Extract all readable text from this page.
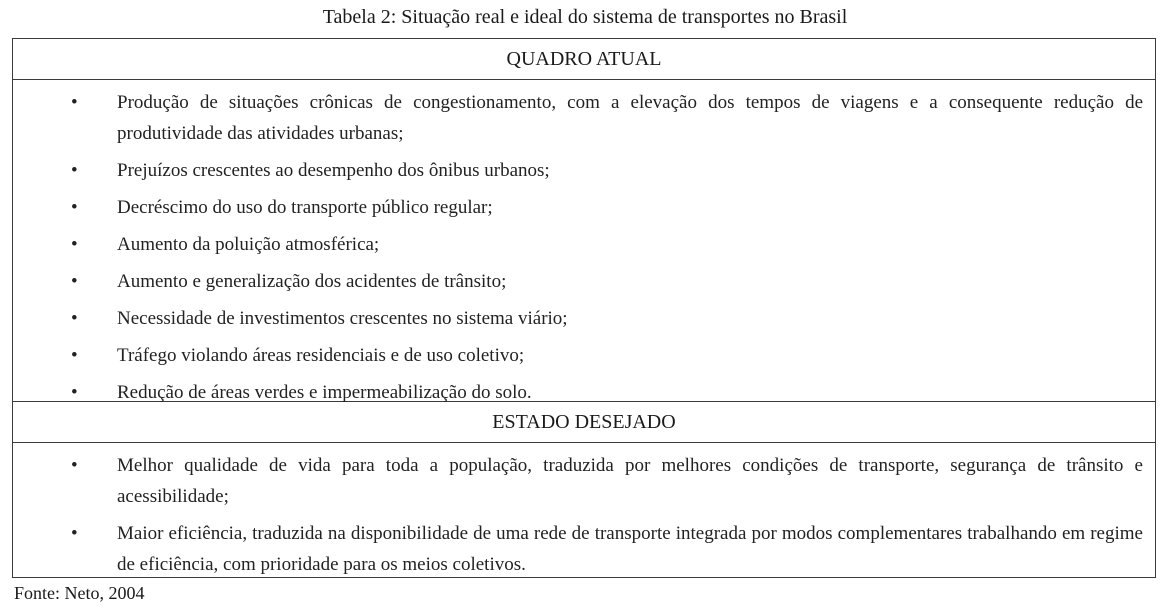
Tabela 2: Situação real e ideal do sistema de transportes no Brasil
QUADRO ATUAL
• Produção de situações crônicas de congestionamento, com a elevação dos tempos de viagens e a consequente redução de produtividade das atividades urbanas;
• Prejuízos crescentes ao desempenho dos ônibus urbanos;
• Decréscimo do uso do transporte público regular;
• Aumento da poluição atmosférica;
• Aumento e generalização dos acidentes de trânsito;
• Necessidade de investimentos crescentes no sistema viário;
• Tráfego violando áreas residenciais e de uso coletivo;
• Redução de áreas verdes e impermeabilização do solo.
ESTADO DESEJADO
• Melhor qualidade de vida para toda a população, traduzida por melhores condições de transporte, segurança de trânsito e acessibilidade;
• Maior eficiência, traduzida na disponibilidade de uma rede de transporte integrada por modos complementares trabalhando em regime de eficiência, com prioridade para os meios coletivos.
Fonte: Neto, 2004
